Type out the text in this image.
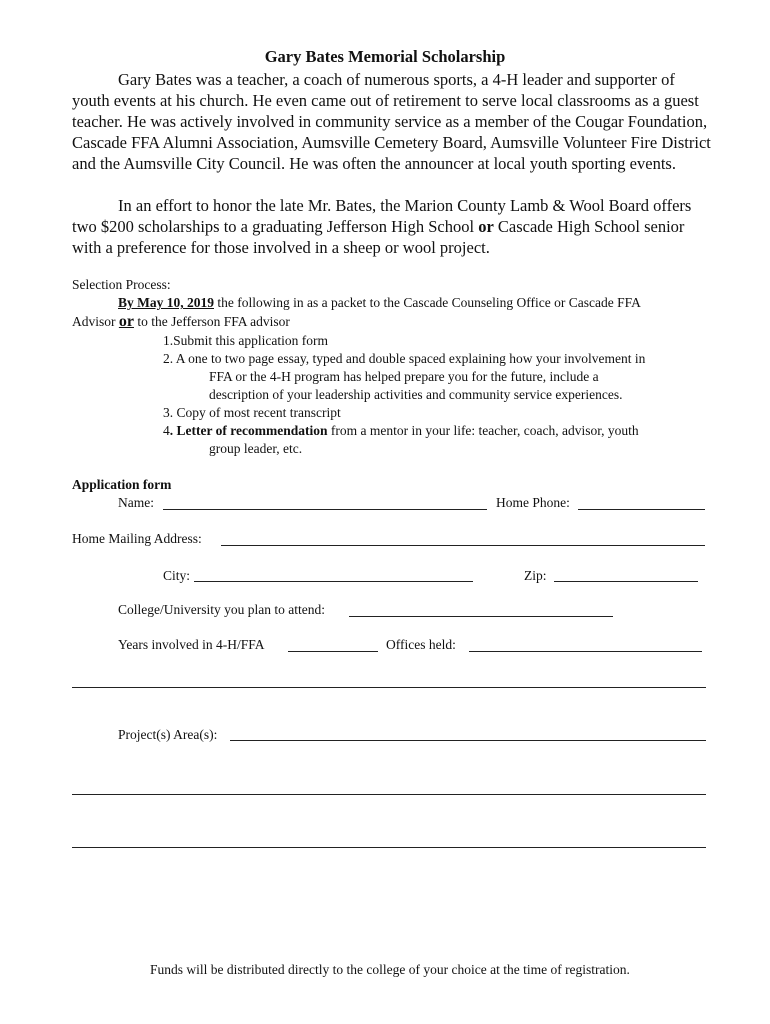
Gary Bates Memorial Scholarship
Gary Bates was a teacher, a coach of numerous sports, a 4-H leader and supporter of youth events at his church. He even came out of retirement to serve local classrooms as a guest teacher. He was actively involved in community service as a member of the Cougar Foundation, Cascade FFA Alumni Association, Aumsville Cemetery Board, Aumsville Volunteer Fire District and the Aumsville City Council. He was often the announcer at local youth sporting events.
In an effort to honor the late Mr. Bates, the Marion County Lamb & Wool Board offers two $200 scholarships to a graduating Jefferson High School or Cascade High School senior with a preference for those involved in a sheep or wool project.
Selection Process:
By May 10, 2019 the following in as a packet to the Cascade Counseling Office or Cascade FFA
Advisor or to the Jefferson FFA advisor
1.Submit this application form
2. A one to two page essay, typed and double spaced explaining how your involvement in
FFA or the 4-H program has helped prepare you for the future, include a
description of your leadership activities and community service experiences.
3. Copy of most recent transcript
4. Letter of recommendation from a mentor in your life: teacher, coach, advisor, youth
group leader, etc.
Application form
Name:	Home Phone:
Home Mailing Address:
City:	Zip:
College/University you plan to attend:
Years involved in 4-H/FFA	Offices held:
Project(s) Area(s):
Funds will be distributed directly to the college of your choice at the time of registration.
